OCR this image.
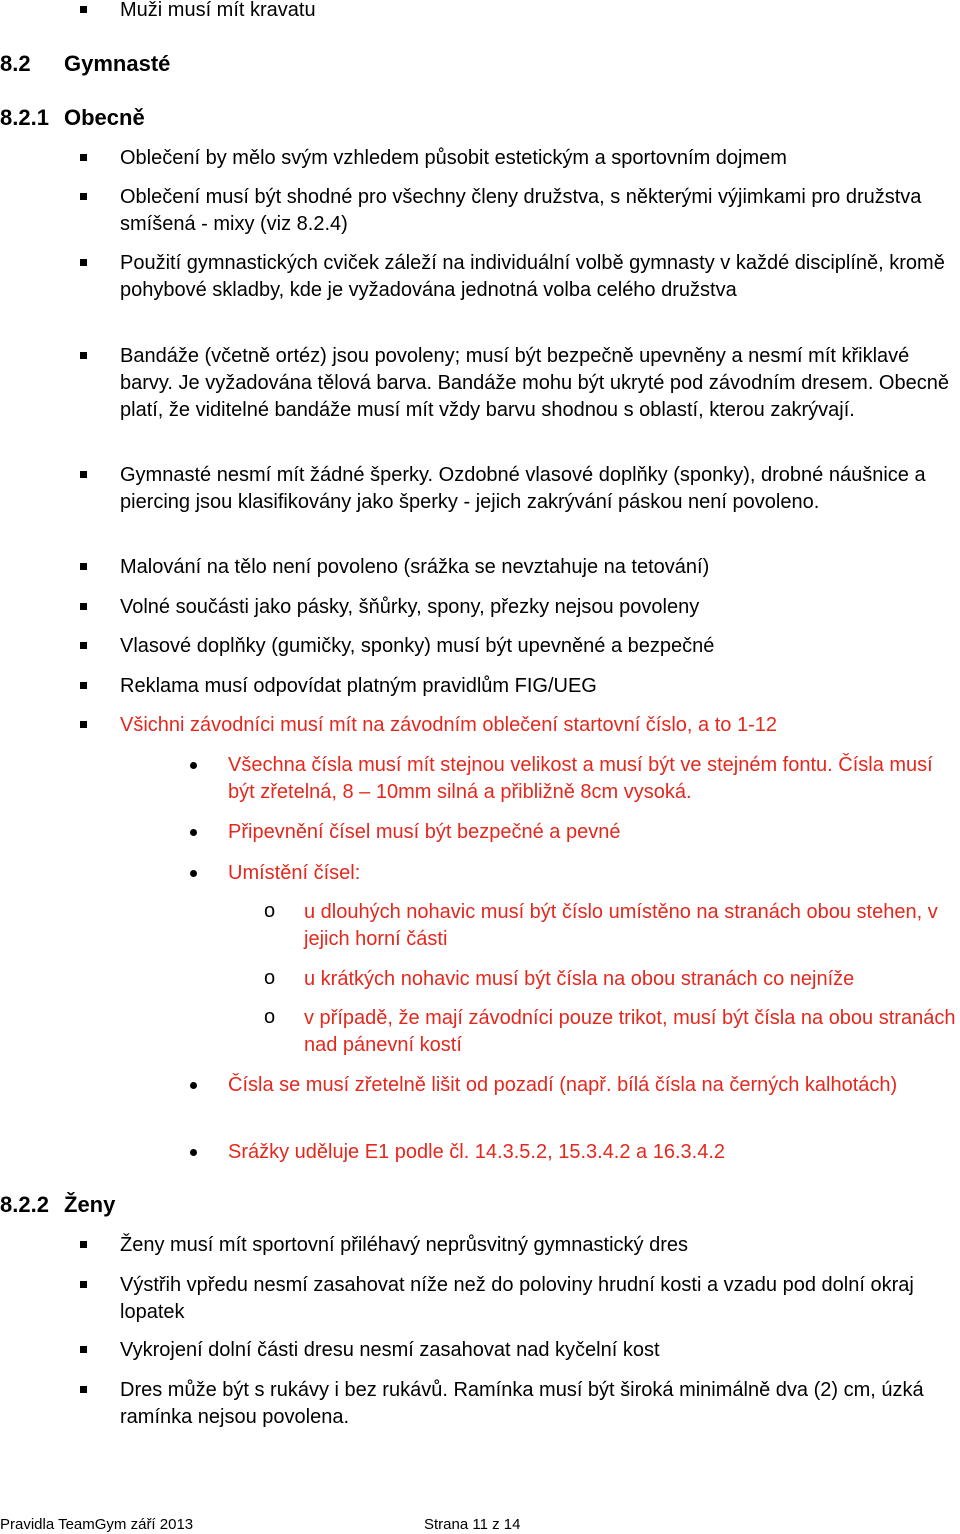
Muži musí mít kravatu
8.2 Gymnasté
8.2.1 Obecně
Oblečení by mělo svým vzhledem působit estetickým a sportovním dojmem
Oblečení musí být shodné pro všechny členy družstva, s některými výjimkami pro družstva smíšená - mixy (viz 8.2.4)
Použití gymnastických cviček záleží na individuální volbě gymnasty v každé disciplíně, kromě pohybové skladby, kde je vyžadována jednotná volba celého družstva
Bandáže (včetně ortéz) jsou povoleny; musí být bezpečně upevněny a nesmí mít křiklavé barvy. Je vyžadována tělová barva. Bandáže mohu být ukryté pod závodním dresem. Obecně platí, že viditelné bandáže musí mít vždy barvu shodnou s oblastí, kterou zakrývají.
Gymnasté nesmí mít žádné šperky. Ozdobné vlasové doplňky (sponky), drobné náušnice a piercing jsou klasifikovány jako šperky - jejich zakrývání páskou není povoleno.
Malování na tělo není povoleno (srážka se nevztahuje na tetování)
Volné součásti jako pásky, šňůrky, spony, přezky nejsou povoleny
Vlasové doplňky (gumičky, sponky) musí být upevněné a bezpečné
Reklama musí odpovídat platným pravidlům FIG/UEG
Všichni závodníci musí mít na závodním oblečení startovní číslo, a to 1-12
Všechna čísla musí mít stejnou velikost a musí být ve stejném fontu. Čísla musí být zřetelná, 8 – 10mm silná a přibližně 8cm vysoká.
Připevnění čísel musí být bezpečné a pevné
Umístění čísel:
o u dlouhých nohavic musí být číslo umístěno na stranách obou stehen, v jejich horní části
o u krátkých nohavic musí být čísla na obou stranách co nejníže
o v případě, že mají závodníci pouze trikot, musí být čísla na obou stranách nad pánevní kostí
Čísla se musí zřetelně lišit od pozadí (např. bílá čísla na černých kalhotách)
Srážky uděluje E1 podle čl. 14.3.5.2, 15.3.4.2 a 16.3.4.2
8.2.2 Ženy
Ženy musí mít sportovní přiléhavý neprůsvitný gymnastický dres
Výstřih vpředu nesmí zasahovat níže než do poloviny hrudní kosti a vzadu pod dolní okraj lopatek
Vykrojení dolní části dresu nesmí zasahovat nad kyčelní kost
Dres může být s rukávy i bez rukávů. Ramínka musí být široká minimálně dva (2) cm, úzká ramínka nejsou povolena.
Pravidla TeamGym září 2013	Strana 11 z 14
